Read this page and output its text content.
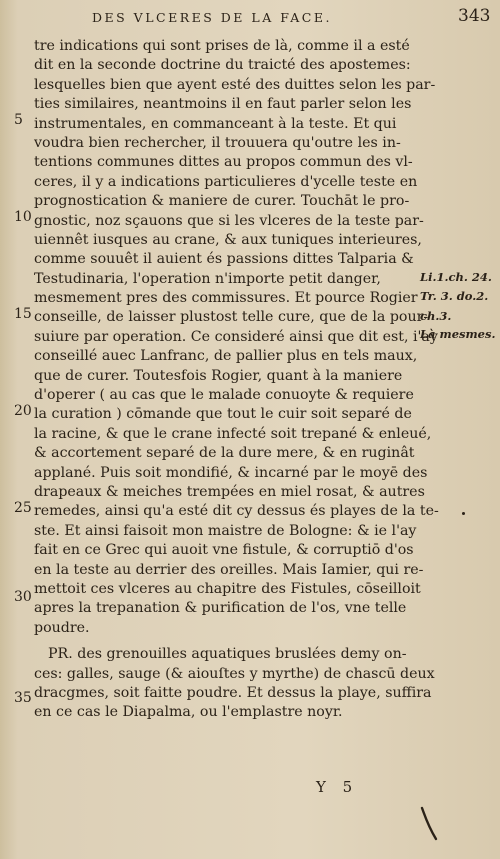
DES VLCERES DE LA FACE.	343
5
10
15
20
25
30
35
tre indications qui sont prises de là, comme il a esté
dit en la seconde doctrine du traicté des apostemes:
lesquelles bien que ayent esté des duittes selon les par-
ties similaires, neantmoins il en faut parler selon les
instrumentales, en commanceant à la teste. Et qui
voudra bien rechercher, il trouuera qu'outre les in-
tentions communes dittes au propos commun des vl-
ceres, il y a indications particulieres d'ycelle teste en
prognostication & maniere de curer. Touchāt le pro-
gnostic, noz sçauons que si les vlceres de la teste par-
uiennêt iusques au crane, & aux tuniques interieures,
comme souuêt il auient és passions dittes Talparia &
Testudinaria, l'operation n'importe petit danger,
mesmement pres des commissures. Et pource Rogier
conseille, de laisser plustost telle cure, que de la pour-
suiure par operation. Ce consideré ainsi que dit est, i'ay
conseillé auec Lanfranc, de pallier plus en tels maux,
que de curer. Toutesfois Rogier, quant à la maniere
d'operer ( au cas que le malade conuoyte & requiere
la curation ) cōmande que tout le cuir soit separé de
la racine, & que le crane infecté soit trepané & enleué,
& accortement separé de la dure mere, & en ruginât
applané. Puis soit mondifié, & incarné par le moyē des
drapeaux & meiches trempées en miel rosat, & autres
remedes, ainsi qu'a esté dit cy dessus és playes de la te-
ste. Et ainsi faisoit mon maistre de Bologne: & ie l'ay
fait en ce Grec qui auoit vne fistule, & corruptiō d'os
en la teste au derrier des oreilles. Mais Iamier, qui re-
mettoit ces vlceres au chapitre des Fistules, cōseilloit
apres la trepanation & purification de l'os, vne telle
poudre.
PR. des grenouilles aquatiques bruslées demy on-
ces: galles, sauge (& aiouſtes y myrthe) de chascū deux
dracgmes, soit faitte poudre. Et dessus la playe, suffira
en ce cas le Diapalma, ou l'emplastre noyr.
Li.1.ch. 24.
Tr. 3. do.2.
ch.3.
Là mesmes.
Y 5
